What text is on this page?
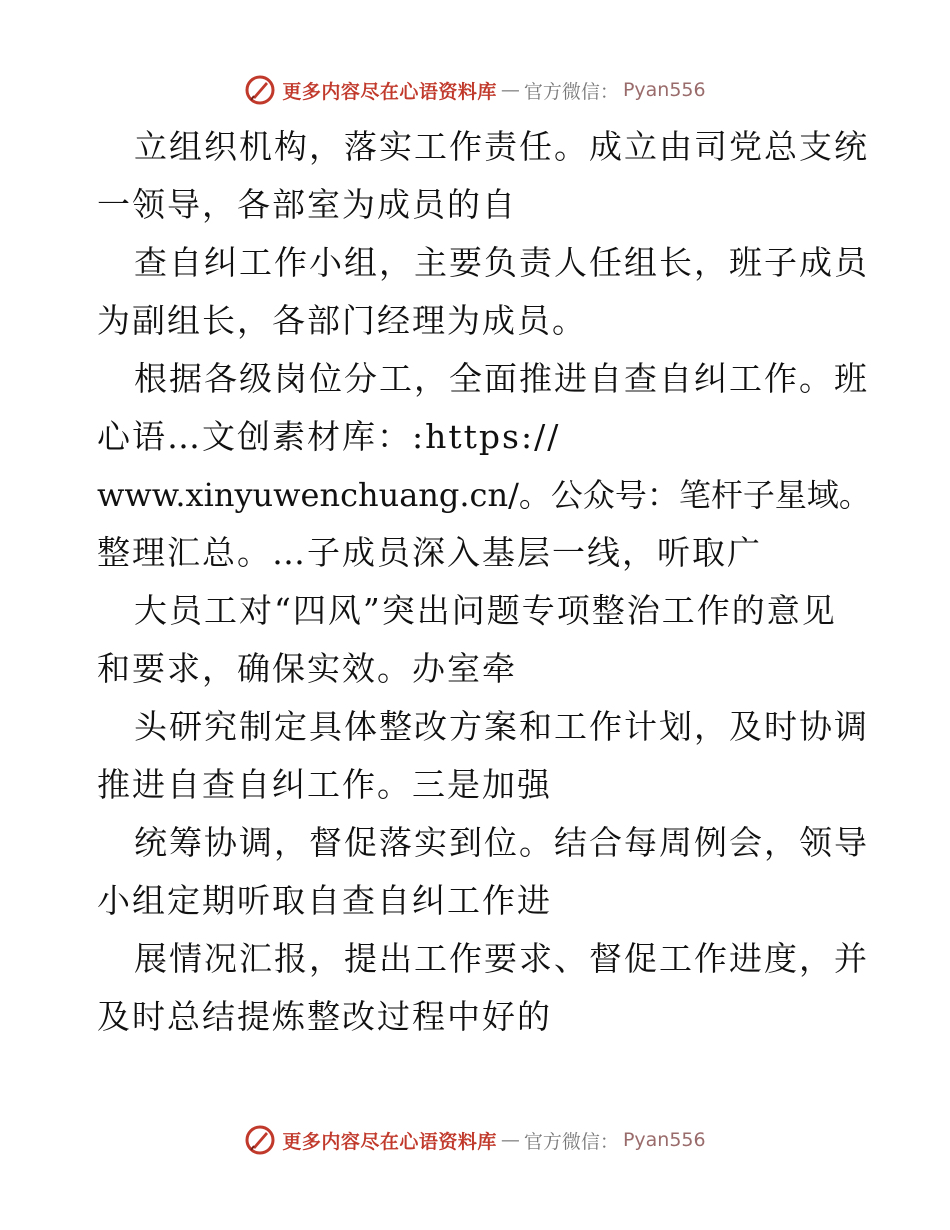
更多内容尽在心语资料库 — 官方微信： Pyan556
立组织机构，落实工作责任。成立由司党总支统
一领导，各部室为成员的自
查自纠工作小组，主要负责人任组长，班子成员
为副组长，各部门经理为成员。
根据各级岗位分工，全面推进自查自纠工作。班
心语…文创素材库：:https://
www.xinyuwenchuang.cn/。公众号：笔杆子星域。
整理汇总。…子成员深入基层一线，听取广
大员工对“四风”突出问题专项整治工作的意见
和要求，确保实效。办室牵
头研究制定具体整改方案和工作计划，及时协调
推进自查自纠工作。三是加强
统筹协调，督促落实到位。结合每周例会，领导
小组定期听取自查自纠工作进
展情况汇报，提出工作要求、督促工作进度，并
及时总结提炼整改过程中好的
更多内容尽在心语资料库 — 官方微信： Pyan556
